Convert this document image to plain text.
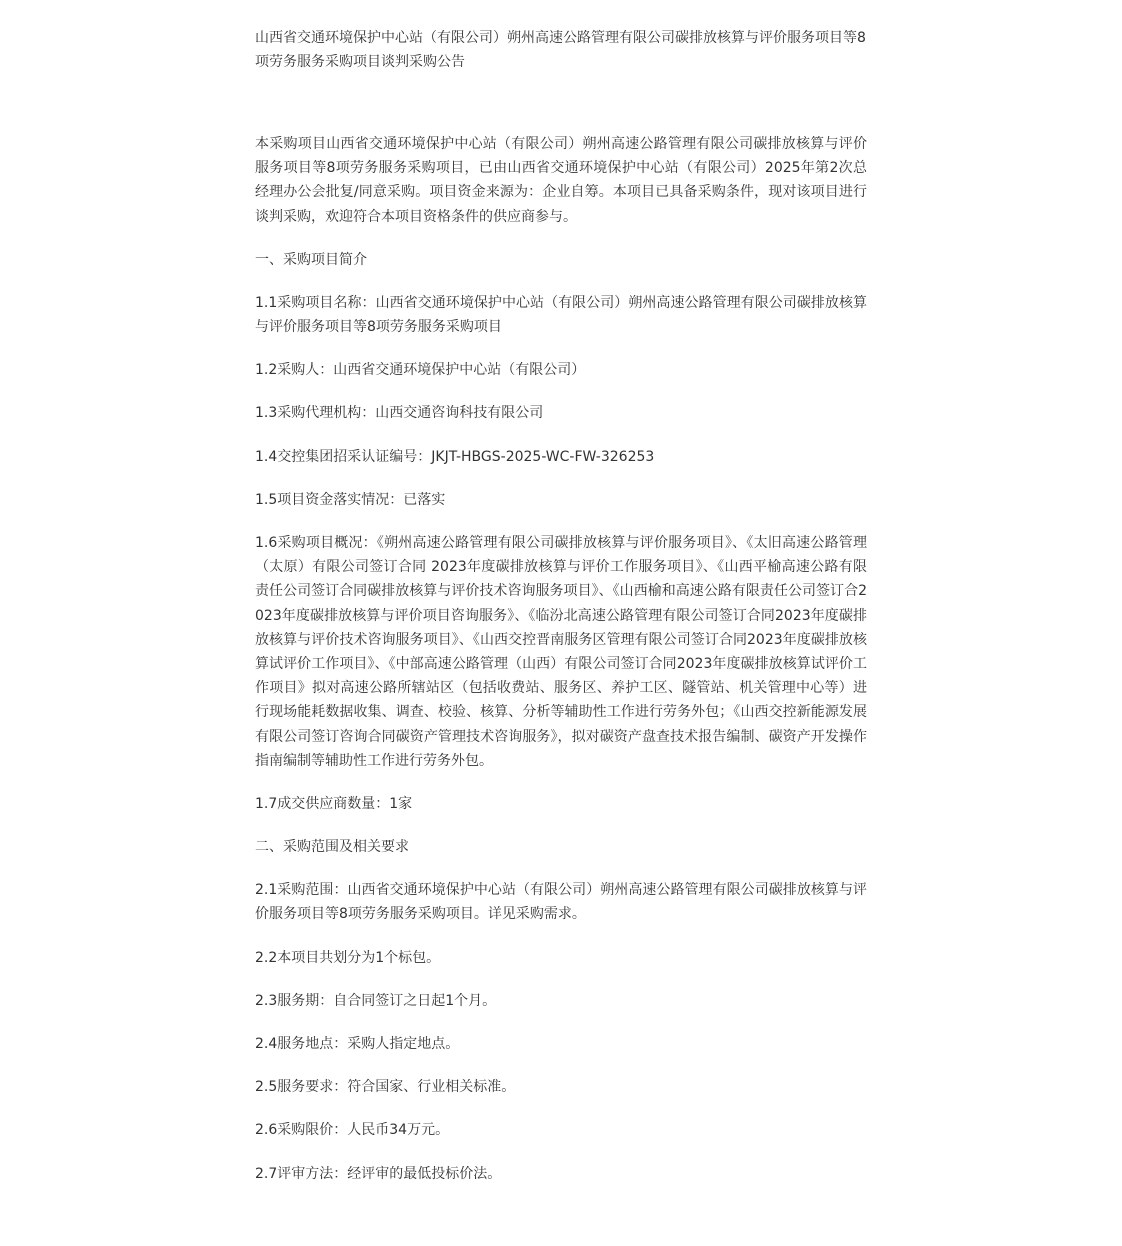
山西省交通环境保护中心站（有限公司）朔州高速公路管理有限公司碳排放核算与评价服务项目等8项劳务服务采购项目谈判采购公告

本采购项目山西省交通环境保护中心站（有限公司）朔州高速公路管理有限公司碳排放核算与评价服务项目等8项劳务服务采购项目，已由山西省交通环境保护中心站（有限公司）2025年第2次总经理办公会批复/同意采购。项目资金来源为：企业自筹。本项目已具备采购条件，现对该项目进行谈判采购，欢迎符合本项目资格条件的供应商参与。

一、采购项目简介

1.1采购项目名称：山西省交通环境保护中心站（有限公司）朔州高速公路管理有限公司碳排放核算与评价服务项目等8项劳务服务采购项目

1.2采购人：山西省交通环境保护中心站（有限公司）

1.3采购代理机构：山西交通咨询科技有限公司

1.4交控集团招采认证编号：JKJT-HBGS-2025-WC-FW-326253

1.5项目资金落实情况：已落实

1.6采购项目概况：《朔州高速公路管理有限公司碳排放核算与评价服务项目》、《太旧高速公路管理（太原）有限公司签订合同 2023年度碳排放核算与评价工作服务项目》、《山西平榆高速公路有限责任公司签订合同碳排放核算与评价技术咨询服务项目》、《山西榆和高速公路有限责任公司签订合2023年度碳排放核算与评价项目咨询服务》、《临汾北高速公路管理有限公司签订合同2023年度碳排放核算与评价技术咨询服务项目》、《山西交控晋南服务区管理有限公司签订合同2023年度碳排放核算试评价工作项目》、《中部高速公路管理（山西）有限公司签订合同2023年度碳排放核算试评价工作项目》拟对高速公路所辖站区（包括收费站、服务区、养护工区、隧管站、机关管理中心等）进行现场能耗数据收集、调查、校验、核算、分析等辅助性工作进行劳务外包；《山西交控新能源发展有限公司签订咨询合同碳资产管理技术咨询服务》，拟对碳资产盘查技术报告编制、碳资产开发操作指南编制等辅助性工作进行劳务外包。

1.7成交供应商数量：1家

二、采购范围及相关要求

2.1采购范围：山西省交通环境保护中心站（有限公司）朔州高速公路管理有限公司碳排放核算与评价服务项目等8项劳务服务采购项目。详见采购需求。

2.2本项目共划分为1个标包。

2.3服务期：自合同签订之日起1个月。

2.4服务地点：采购人指定地点。

2.5服务要求：符合国家、行业相关标准。

2.6采购限价：人民币34万元。

2.7评审方法：经评审的最低投标价法。
